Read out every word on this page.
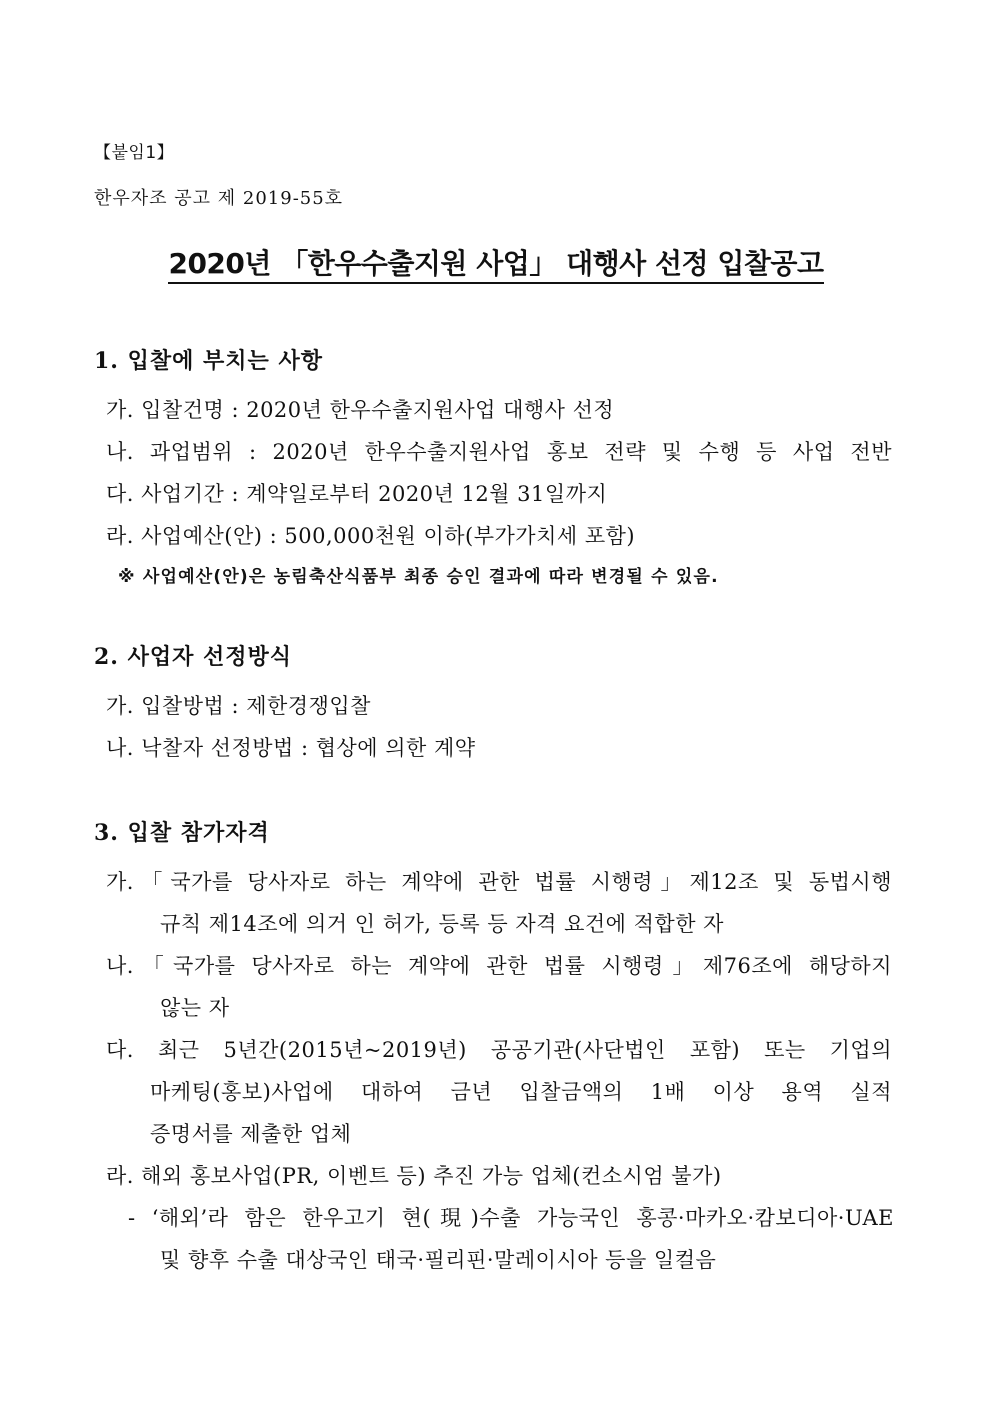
【붙임1】
한우자조 공고 제 2019-55호
2020년 「한우수출지원 사업」 대행사 선정 입찰공고
1. 입찰에 부치는 사항
가. 입찰건명 : 2020년 한우수출지원사업 대행사 선정
나. 과업범위 : 2020년 한우수출지원사업 홍보 전략 및 수행 등 사업 전반
다. 사업기간 : 계약일로부터 2020년 12월 31일까지
라. 사업예산(안) : 500,000천원 이하(부가가치세 포함)
※ 사업예산(안)은 농림축산식품부 최종 승인 결과에 따라 변경될 수 있음.
2. 사업자 선정방식
가. 입찰방법 : 제한경쟁입찰
나. 낙찰자 선정방법 : 협상에 의한 계약
3. 입찰 참가자격
가.「국가를 당사자로 하는 계약에 관한 법률 시행령」제12조 및 동법시행
규칙 제14조에 의거 인 허가, 등록 등 자격 요건에 적합한 자
나.「국가를 당사자로 하는 계약에 관한 법률 시행령」제76조에 해당하지
않는 자
다. 최근 5년간(2015년~2019년) 공공기관(사단법인 포함) 또는 기업의
마케팅(홍보)사업에 대하여 금년 입찰금액의 1배 이상 용역 실적
증명서를 제출한 업체
라. 해외 홍보사업(PR, 이벤트 등) 추진 가능 업체(컨소시엄 불가)
- ‘해외’라 함은 한우고기 현(現)수출 가능국인 홍콩·마카오·캄보디아·UAE
및 향후 수출 대상국인 태국·필리핀·말레이시아 등을 일컬음
